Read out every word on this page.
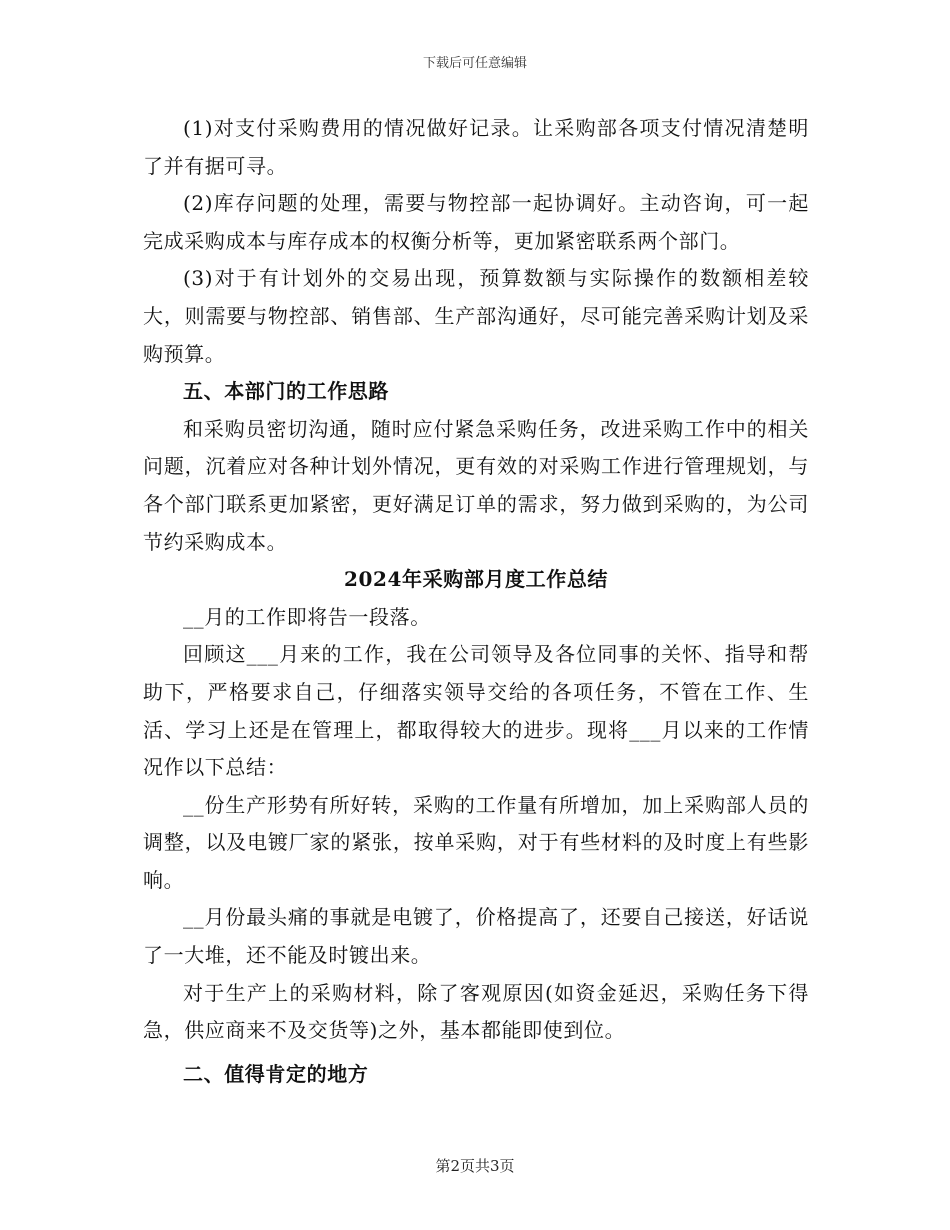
下载后可任意编辑

(1)对支付采购费用的情况做好记录。让采购部各项支付情况清楚明了并有据可寻。

(2)库存问题的处理，需要与物控部一起协调好。主动咨询，可一起完成采购成本与库存成本的权衡分析等，更加紧密联系两个部门。

(3)对于有计划外的交易出现，预算数额与实际操作的数额相差较大，则需要与物控部、销售部、生产部沟通好，尽可能完善采购计划及采购预算。

五、本部门的工作思路

和采购员密切沟通，随时应付紧急采购任务，改进采购工作中的相关问题，沉着应对各种计划外情况，更有效的对采购工作进行管理规划，与各个部门联系更加紧密，更好满足订单的需求，努力做到采购的，为公司节约采购成本。

2024年采购部月度工作总结

__月的工作即将告一段落。

回顾这___月来的工作，我在公司领导及各位同事的关怀、指导和帮助下，严格要求自己，仔细落实领导交给的各项任务，不管在工作、生活、学习上还是在管理上，都取得较大的进步。现将___月以来的工作情况作以下总结：

__份生产形势有所好转，采购的工作量有所增加，加上采购部人员的调整，以及电镀厂家的紧张，按单采购，对于有些材料的及时度上有些影响。

__月份最头痛的事就是电镀了，价格提高了，还要自己接送，好话说了一大堆，还不能及时镀出来。

对于生产上的采购材料，除了客观原因(如资金延迟，采购任务下得急，供应商来不及交货等)之外，基本都能即使到位。

二、值得肯定的地方

第2页共3页
